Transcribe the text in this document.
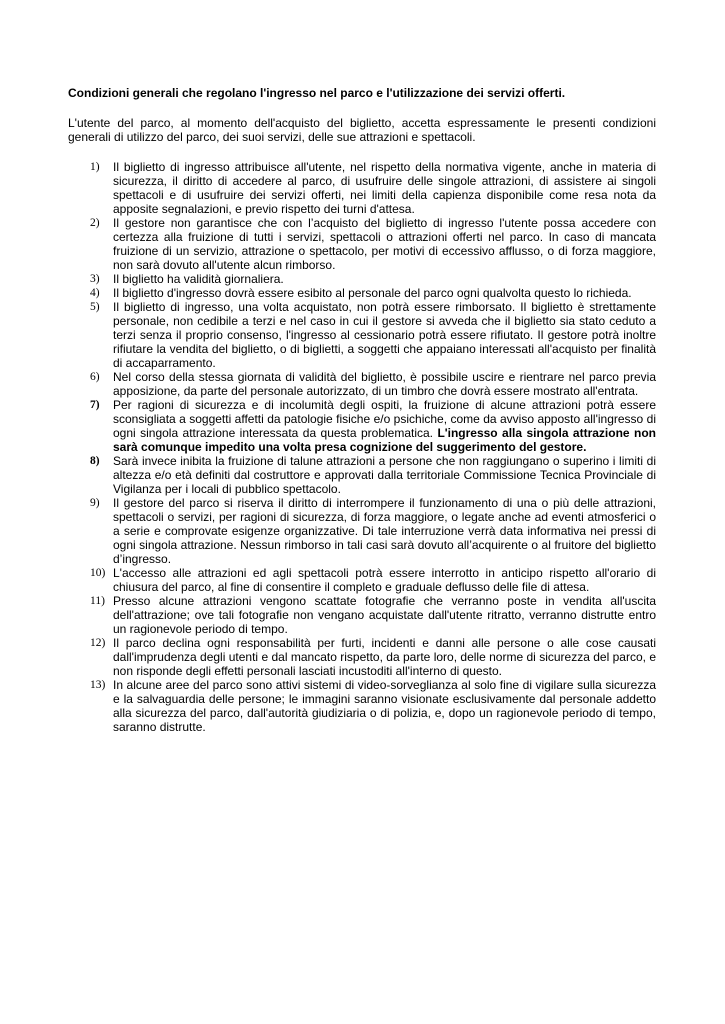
Condizioni generali che regolano l'ingresso nel parco e l'utilizzazione dei servizi offerti.

L'utente del parco, al momento dell'acquisto del biglietto, accetta espressamente le presenti condizioni generali di utilizzo del parco, dei suoi servizi, delle sue attrazioni e spettacoli.

1) Il biglietto di ingresso attribuisce all'utente, nel rispetto della normativa vigente, anche in materia di sicurezza, il diritto di accedere al parco, di usufruire delle singole attrazioni, di assistere ai singoli spettacoli e di usufruire dei servizi offerti, nei limiti della capienza disponibile come resa nota da apposite segnalazioni, e previo rispetto dei turni d'attesa.
2) Il gestore non garantisce che con l’acquisto del biglietto di ingresso l'utente possa accedere con certezza alla fruizione di tutti i servizi, spettacoli o attrazioni offerti nel parco. In caso di mancata fruizione di un servizio, attrazione o spettacolo, per motivi di eccessivo afflusso, o di forza maggiore, non sarà dovuto all'utente alcun rimborso.
3) Il biglietto ha validità giornaliera.
4) Il biglietto d'ingresso dovrà essere esibito al personale del parco ogni qualvolta questo lo richieda.
5) Il biglietto di ingresso, una volta acquistato, non potrà essere rimborsato. Il biglietto è strettamente personale, non cedibile a terzi e nel caso in cui il gestore si avveda che il biglietto sia stato ceduto a terzi senza il proprio consenso, l'ingresso al cessionario potrà essere rifiutato. Il gestore potrà inoltre rifiutare la vendita del biglietto, o di biglietti, a soggetti che appaiano interessati all'acquisto per finalità di accaparramento.
6) Nel corso della stessa giornata di validità del biglietto, è possibile uscire e rientrare nel parco previa apposizione, da parte del personale autorizzato, di un timbro che dovrà essere mostrato all'entrata.
7) Per ragioni di sicurezza e di incolumità degli ospiti, la fruizione di alcune attrazioni potrà essere sconsigliata a soggetti affetti da patologie fisiche e/o psichiche, come da avviso apposto all'ingresso di ogni singola attrazione interessata da questa problematica. L'ingresso alla singola attrazione non sarà comunque impedito una volta presa cognizione del suggerimento del gestore.
8) Sarà invece inibita la fruizione di talune attrazioni a persone che non raggiungano o superino i limiti di altezza e/o età definiti dal costruttore e approvati dalla territoriale Commissione Tecnica Provinciale di Vigilanza per i locali di pubblico spettacolo.
9) Il gestore del parco si riserva il diritto di interrompere il funzionamento di una o più delle attrazioni, spettacoli o servizi, per ragioni di sicurezza, di forza maggiore, o legate anche ad eventi atmosferici o a serie e comprovate esigenze organizzative. Di tale interruzione verrà data informativa nei pressi di ogni singola attrazione. Nessun rimborso in tali casi sarà dovuto all’acquirente o al fruitore del biglietto d’ingresso.
10) L'accesso alle attrazioni ed agli spettacoli potrà essere interrotto in anticipo rispetto all'orario di chiusura del parco, al fine di consentire il completo e graduale deflusso delle file di attesa.
11) Presso alcune attrazioni vengono scattate fotografie che verranno poste in vendita all'uscita dell'attrazione; ove tali fotografie non vengano acquistate dall'utente ritratto, verranno distrutte entro un ragionevole periodo di tempo.
12) Il parco declina ogni responsabilità per furti, incidenti e danni alle persone o alle cose causati dall'imprudenza degli utenti e dal mancato rispetto, da parte loro, delle norme di sicurezza del parco, e non risponde degli effetti personali lasciati incustoditi all'interno di questo.
13) In alcune aree del parco sono attivi sistemi di video-sorveglianza al solo fine di vigilare sulla sicurezza e la salvaguardia delle persone; le immagini saranno visionate esclusivamente dal personale addetto alla sicurezza del parco, dall'autorità giudiziaria o di polizia, e, dopo un ragionevole periodo di tempo, saranno distrutte.
